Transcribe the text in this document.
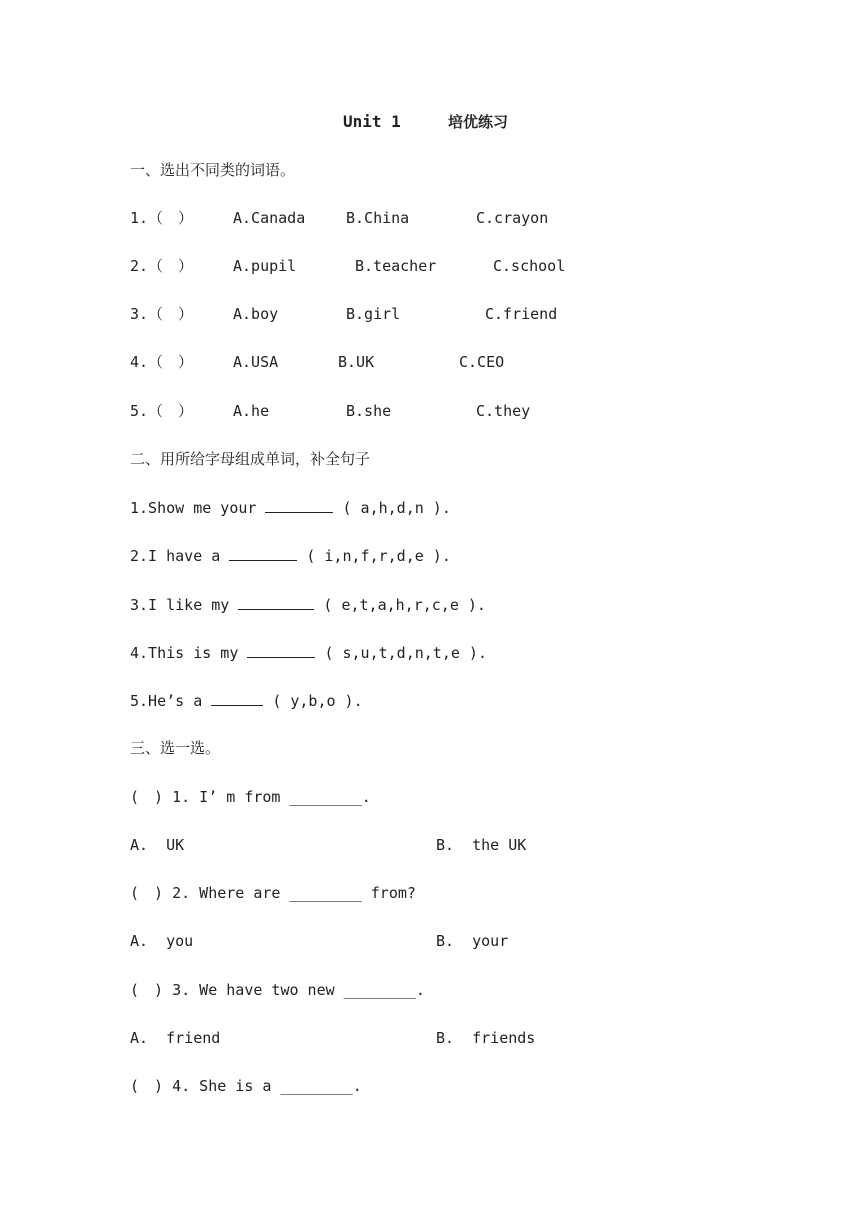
Unit 1	培优练习
一、选出不同类的词语。
1.（　）	A.Canada	B.China	C.crayon
2.（　）	A.pupil	B.teacher	C.school
3.（　）	A.boy	B.girl	C.friend
4.（　）	A.USA	B.UK	C.CEO
5.（　）	A.he	B.she	C.they
二、用所给字母组成单词，补全句子
1.Show me your	( a,h,d,n ).
2.I have a	( i,n,f,r,d,e ).
3.I like my	( e,t,a,h,r,c,e ).
4.This is my	( s,u,t,d,n,t,e ).
5.He’s a	( y,b,o ).
三、选一选。
(　) 1. I’ m from ________.
A.  UK	B.  the UK
(　) 2. Where are ________ from?
A.  you	B.  your
(　) 3. We have two new ________.
A.  friend	B.  friends
(　) 4. She is a ________.
